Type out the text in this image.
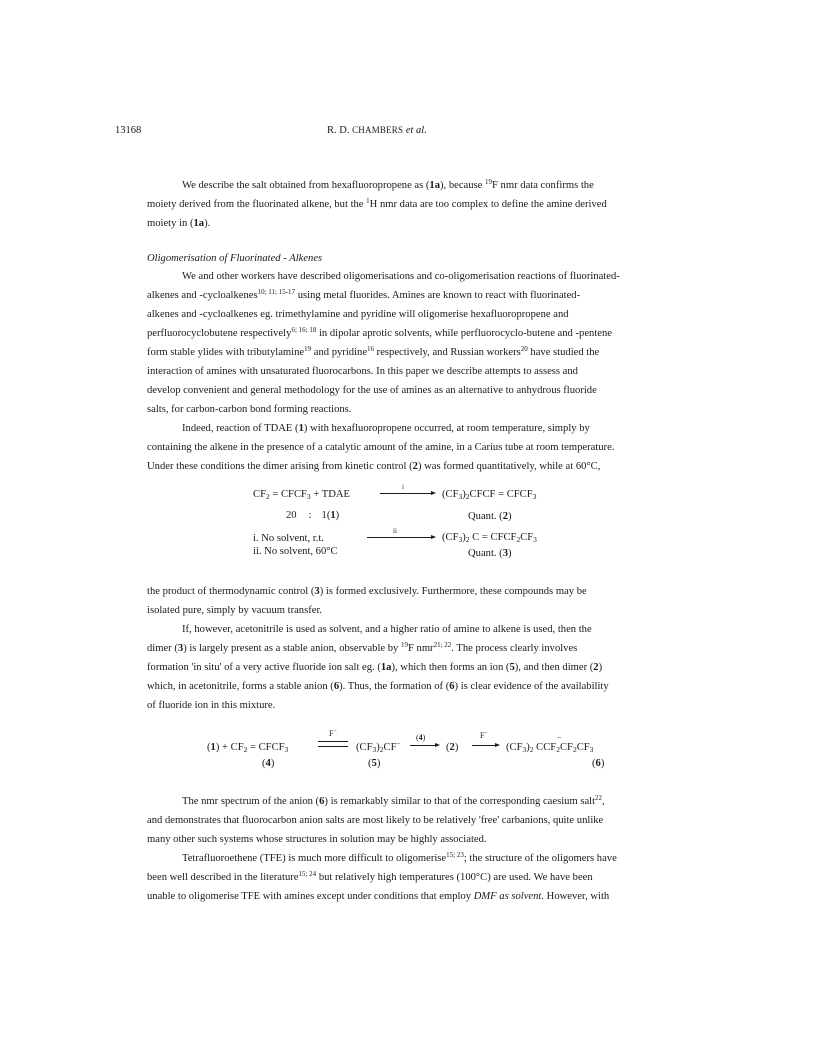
13168	R. D. CHAMBERS et al.
We describe the salt obtained from hexafluoropropene as (1a), because $^{19}$F nmr data confirms the
moiety derived from the fluorinated alkene, but the $^1$H nmr data are too complex to define the amine derived
moiety in (1a).
Oligomerisation of Fluorinated - Alkenes
We and other workers have described oligomerisations and co-oligomerisation reactions of fluorinated-
alkenes and -cycloalkenes$^{10; 11; 15-17}$ using metal fluorides. Amines are known to react with fluorinated-
alkenes and -cycloalkenes eg. trimethylamine and pyridine will oligomerise hexafluoropropene and
perfluorocyclobutene respectively$^{6; 16; 18}$ in dipolar aprotic solvents, while perfluorocyclo-butene and -pentene
form stable ylides with tributylamine$^{19}$ and pyridine$^{16}$ respectively, and Russian workers$^{20}$ have studied the
interaction of amines with unsaturated fluorocarbons. In this paper we describe attempts to assess and
develop convenient and general methodology for the use of amines as an alternative to anhydrous fluoride
salts, for carbon-carbon bond forming reactions.
Indeed, reaction of TDAE (1) with hexafluoropropene occurred, at room temperature, simply by
containing the alkene in the presence of a catalytic amount of the amine, in a Carius tube at room temperature.
Under these conditions the dimer arising from kinetic control (2) was formed quantitatively, while at 60°C,
$CF_2$ = $CFCF_3$ + TDAE
i
→ $(CF_3)_2CFCF$ = $CFCF_3$
20 : 1(1)	Quant. (2)
i. No solvent, r.t.
ii
$(CF_3)_2$ $C = CFCF_2CF_3$
ii. No solvent, 60°C	Quant. (3)
the product of thermodynamic control (3) is formed exclusively. Furthermore, these compounds may be
isolated pure, simply by vacuum transfer.
If, however, acetonitrile is used as solvent, and a higher ratio of amine to alkene is used, then the
dimer (3) is largely present as a stable anion, observable by $^{19}$F nmr$^{21; 22}$. The process clearly involves
formation 'in situ' of a very active fluoride ion salt eg. (1a), which then forms an ion (5), and then dimer (2)
which, in acetonitrile, forms a stable anion (6). Thus, the formation of (6) is clear evidence of the availability
of fluoride ion in this mixture.
$(1) + CF_2$ = $CFCF_3$
(4)
F−
$(CF_3)_2CF^-$
(5)
(4)
→ (2)
F−
→ $(CF_3)_2$ $CCF_2CF_2CF_3$
−
(6)
The nmr spectrum of the anion (6) is remarkably similar to that of the corresponding caesium salt$^{22}$,
and demonstrates that fluorocarbon anion salts are most likely to be relatively 'free' carbanions, quite unlike
many other such systems whose structures in solution may be highly associated.
Tetrafluoroethene (TFE) is much more difficult to oligomerise$^{15; 23}$; the structure of the oligomers have
been well described in the literature$^{15; 24}$ but relatively high temperatures (100°C) are used. We have been
unable to oligomerise TFE with amines except under conditions that employ DMF as solvent. However, with
